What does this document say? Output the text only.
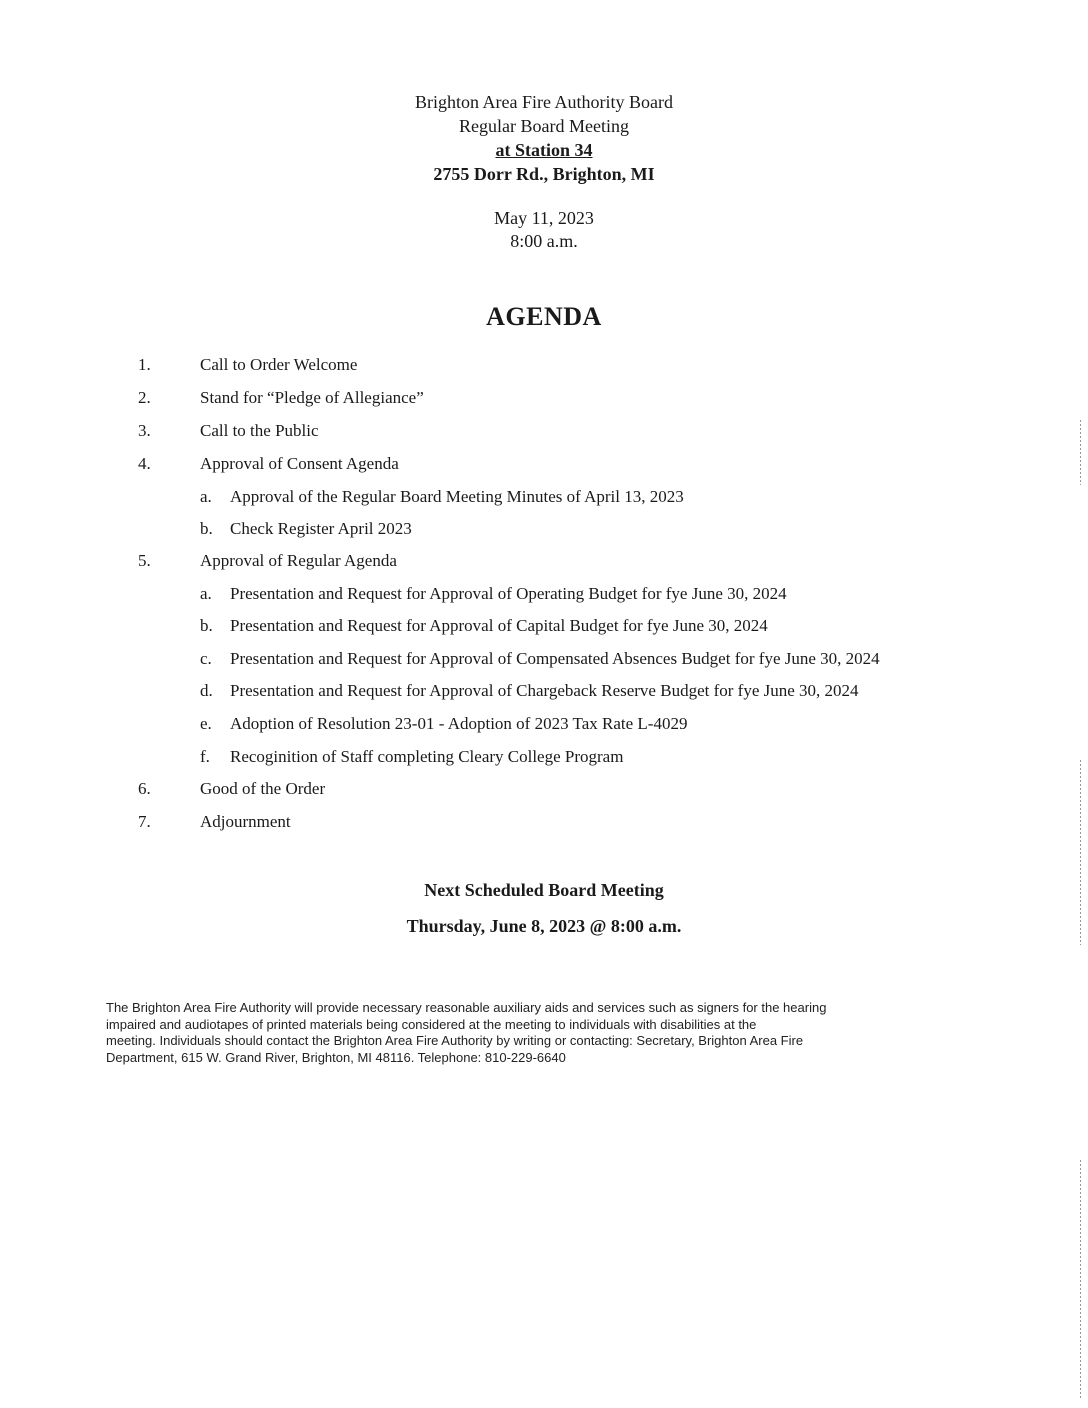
Brighton Area Fire Authority Board
Regular Board Meeting
at Station 34
2755 Dorr Rd., Brighton, MI
May 11, 2023
8:00 a.m.
AGENDA
1.	Call to Order Welcome
2.	Stand for “Pledge of Allegiance”
3.	Call to the Public
4.	Approval of Consent Agenda
a. Approval of the Regular Board Meeting Minutes of April 13, 2023
b. Check Register April 2023
5.	Approval of Regular Agenda
a. Presentation and Request for Approval of Operating Budget for fye June 30, 2024
b. Presentation and Request for Approval of Capital Budget for fye June 30, 2024
c. Presentation and Request for Approval of Compensated Absences Budget for fye June 30, 2024
d. Presentation and Request for Approval of Chargeback Reserve Budget for fye June 30, 2024
e. Adoption of Resolution 23-01 - Adoption of 2023 Tax Rate L-4029
f. Recoginition of Staff completing Cleary College Program
6.	Good of the Order
7.	Adjournment
Next Scheduled Board Meeting
Thursday, June 8, 2023 @ 8:00 a.m.
The Brighton Area Fire Authority will provide necessary reasonable auxiliary aids and services such as signers for the hearing
impaired and audiotapes of printed materials being considered at the meeting to individuals with disabilities at the
meeting. Individuals should contact the Brighton Area Fire Authority by writing or contacting: Secretary, Brighton Area Fire
Department, 615 W. Grand River, Brighton, MI 48116. Telephone: 810-229-6640
